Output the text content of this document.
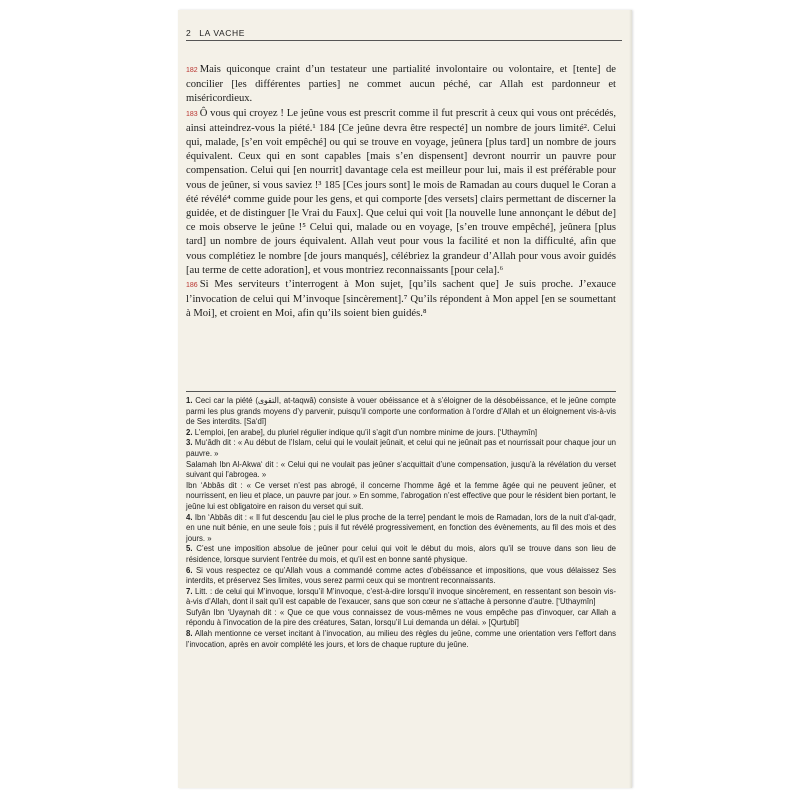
2 LA VACHE

182 Mais quiconque craint d’un testateur une partialité involontaire ou volontaire, et [tente] de concilier [les différentes parties] ne commet aucun péché, car Allah est pardonneur et miséricordieux.

183 Ô vous qui croyez ! Le jeûne vous est prescrit comme il fut prescrit à ceux qui vous ont précédés, ainsi atteindrez-vous la piété.¹ 184 [Ce jeûne devra être respecté] un nombre de jours limité². Celui qui, malade, [s’en voit empêché] ou qui se trouve en voyage, jeûnera [plus tard] un nombre de jours équivalent. Ceux qui en sont capables [mais s’en dispensent] devront nourrir un pauvre pour compensation. Celui qui [en nourrit] davantage cela est meilleur pour lui, mais il est préférable pour vous de jeûner, si vous saviez !³ 185 [Ces jours sont] le mois de Ramadan au cours duquel le Coran a été révélé⁴ comme guide pour les gens, et qui comporte [des versets] clairs permettant de discerner la guidée, et de distinguer [le Vrai du Faux]. Que celui qui voit [la nouvelle lune annonçant le début de] ce mois observe le jeûne !⁵ Celui qui, malade ou en voyage, [s’en trouve empêché], jeûnera [plus tard] un nombre de jours équivalent. Allah veut pour vous la facilité et non la difficulté, afin que vous complétiez le nombre [de jours manqués], célébriez la grandeur d’Allah pour vous avoir guidés [au terme de cette adoration], et vous montriez reconnaissants [pour cela].⁶

186 Si Mes serviteurs t’interrogent à Mon sujet, [qu’ils sachent que] Je suis proche. J’exauce l’invocation de celui qui M’invoque [sincèrement].⁷ Qu’ils répondent à Mon appel [en se soumettant à Moi], et croient en Moi, afin qu’ils soient bien guidés.⁸

1. Ceci car la piété (التقوى, at-taqwâ) consiste à vouer obéissance et à s’éloigner de la désobéissance, et le jeûne compte parmi les plus grands moyens d’y parvenir, puisqu’il comporte une conformation à l’ordre d’Allah et un éloignement vis-à-vis de Ses interdits. [Sa‘dî]

2. L’emploi, [en arabe], du pluriel régulier indique qu’il s’agit d’un nombre minime de jours. [‘Uthaymîn]

3. Mu‘âdh dit : « Au début de l’Islam, celui qui le voulait jeûnait, et celui qui ne jeûnait pas et nourrissait pour chaque jour un pauvre. »

Salamah Ibn Al-Akwa‘ dit : « Celui qui ne voulait pas jeûner s’acquittait d’une compensation, jusqu’à la révélation du verset suivant qui l’abrogea. »

Ibn ‘Abbâs dit : « Ce verset n’est pas abrogé, il concerne l’homme âgé et la femme âgée qui ne peuvent jeûner, et nourrissent, en lieu et place, un pauvre par jour. » En somme, l’abrogation n’est effective que pour le résident bien portant, le jeûne lui est obligatoire en raison du verset qui suit.

4. Ibn ‘Abbâs dit : « Il fut descendu [au ciel le plus proche de la terre] pendant le mois de Ramadan, lors de la nuit d’al-qadr, en une nuit bénie, en une seule fois ; puis il fut révélé progressivement, en fonction des évènements, au fil des mois et des jours. »

5. C’est une imposition absolue de jeûner pour celui qui voit le début du mois, alors qu’il se trouve dans son lieu de résidence, lorsque survient l’entrée du mois, et qu’il est en bonne santé physique.

6. Si vous respectez ce qu’Allah vous a commandé comme actes d’obéissance et impositions, que vous délaissez Ses interdits, et préservez Ses limites, vous serez parmi ceux qui se montrent reconnaissants.

7. Litt. : de celui qui M’invoque, lorsqu’il M’invoque, c’est-à-dire lorsqu’il invoque sincèrement, en ressentant son besoin vis-à-vis d’Allah, dont il sait qu’il est capable de l’exaucer, sans que son cœur ne s’attache à personne d’autre. [‘Uthaymîn]

Sufyân Ibn ‘Uyaynah dit : « Que ce que vous connaissez de vous-mêmes ne vous empêche pas d’invoquer, car Allah a répondu à l’invocation de la pire des créatures, Satan, lorsqu’il Lui demanda un délai. » [Qurṭubî]

8. Allah mentionne ce verset incitant à l’invocation, au milieu des règles du jeûne, comme une orientation vers l’effort dans l’invocation, après en avoir complété les jours, et lors de chaque rupture du jeûne.
